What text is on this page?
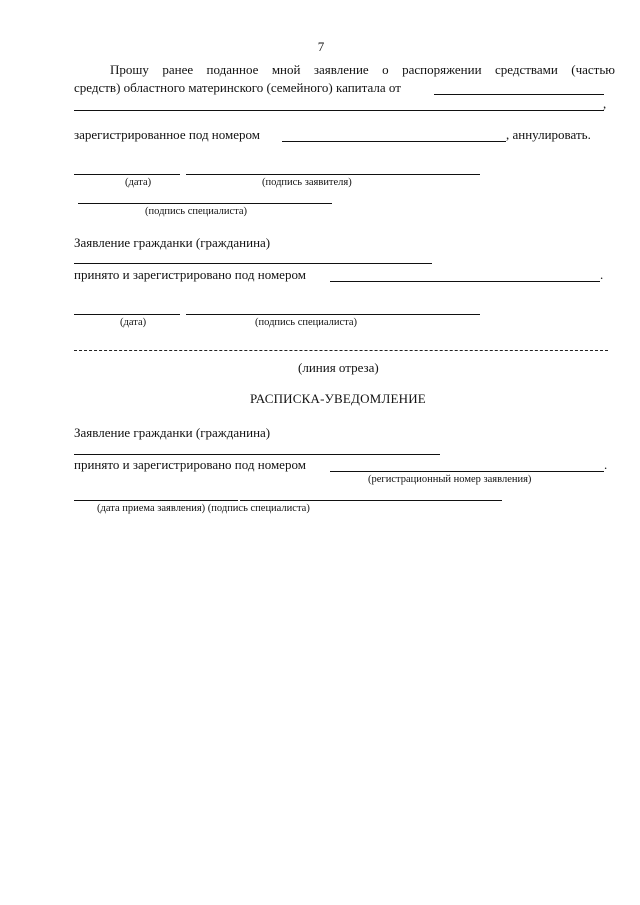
7
Прошу ранее поданное мной заявление о распоряжении средствами (частью
средств) областного материнского (семейного) капитала от
,
зарегистрированное под номером	, аннулировать.
(дата)	(подпись заявителя)
(подпись специалиста)
Заявление гражданки (гражданина)
принято и зарегистрировано под номером	.
(дата)	(подпись специалиста)
(линия отреза)
РАСПИСКА-УВЕДОМЛЕНИЕ
Заявление гражданки (гражданина)
принято и зарегистрировано под номером	.
(регистрационный номер заявления)
(дата приема заявления) (подпись специалиста)
